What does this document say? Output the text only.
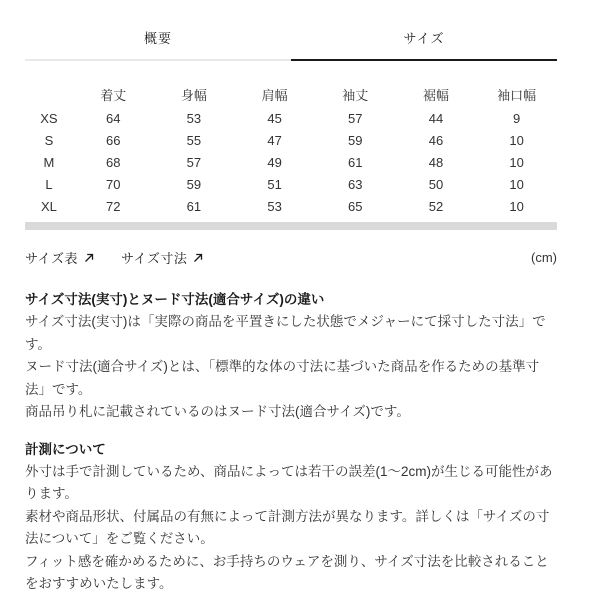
概要	サイズ
	着丈	身幅	肩幅	袖丈	裾幅	袖口幅
XS	64	53	45	57	44	9
S	66	55	47	59	46	10
M	68	57	49	61	48	10
L	70	59	51	63	50	10
XL	72	61	53	65	52	10
サイズ表	サイズ寸法	(cm)
サイズ寸法(実寸)とヌード寸法(適合サイズ)の違い

サイズ寸法(実寸)は「実際の商品を平置きにした状態でメジャーにて採寸した寸法」です。

ヌード寸法(適合サイズ)とは、「標準的な体の寸法に基づいた商品を作るための基準寸法」です。

商品吊り札に記載されているのはヌード寸法(適合サイズ)です。

計測について

外寸は手で計測しているため、商品によっては若干の誤差(1〜2cm)が生じる可能性があります。

素材や商品形状、付属品の有無によって計測方法が異なります。詳しくは「サイズの寸法について」をご覧ください。

フィット感を確かめるために、お手持ちのウェアを測り、サイズ寸法を比較されることをおすすめいたします。
